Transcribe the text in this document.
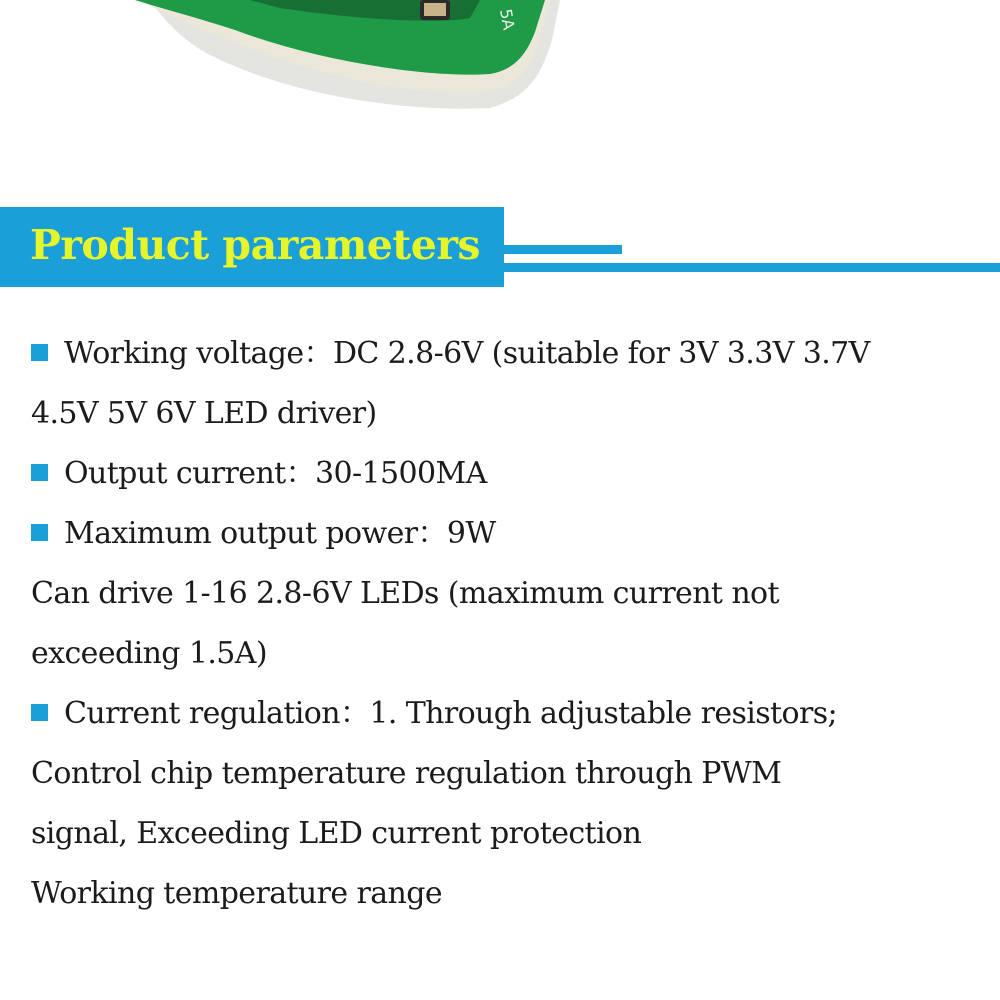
5A
Product parameters

Working voltage：DC 2.8-6V (suitable for 3V 3.3V 3.7V

4.5V 5V 6V LED driver)

Output current：30-1500MA

Maximum output power：9W

Can drive 1-16 2.8-6V LEDs (maximum current not

exceeding 1.5A)

Current regulation：1. Through adjustable resistors;

Control chip temperature regulation through PWM

signal, Exceeding LED current protection

Working temperature range
